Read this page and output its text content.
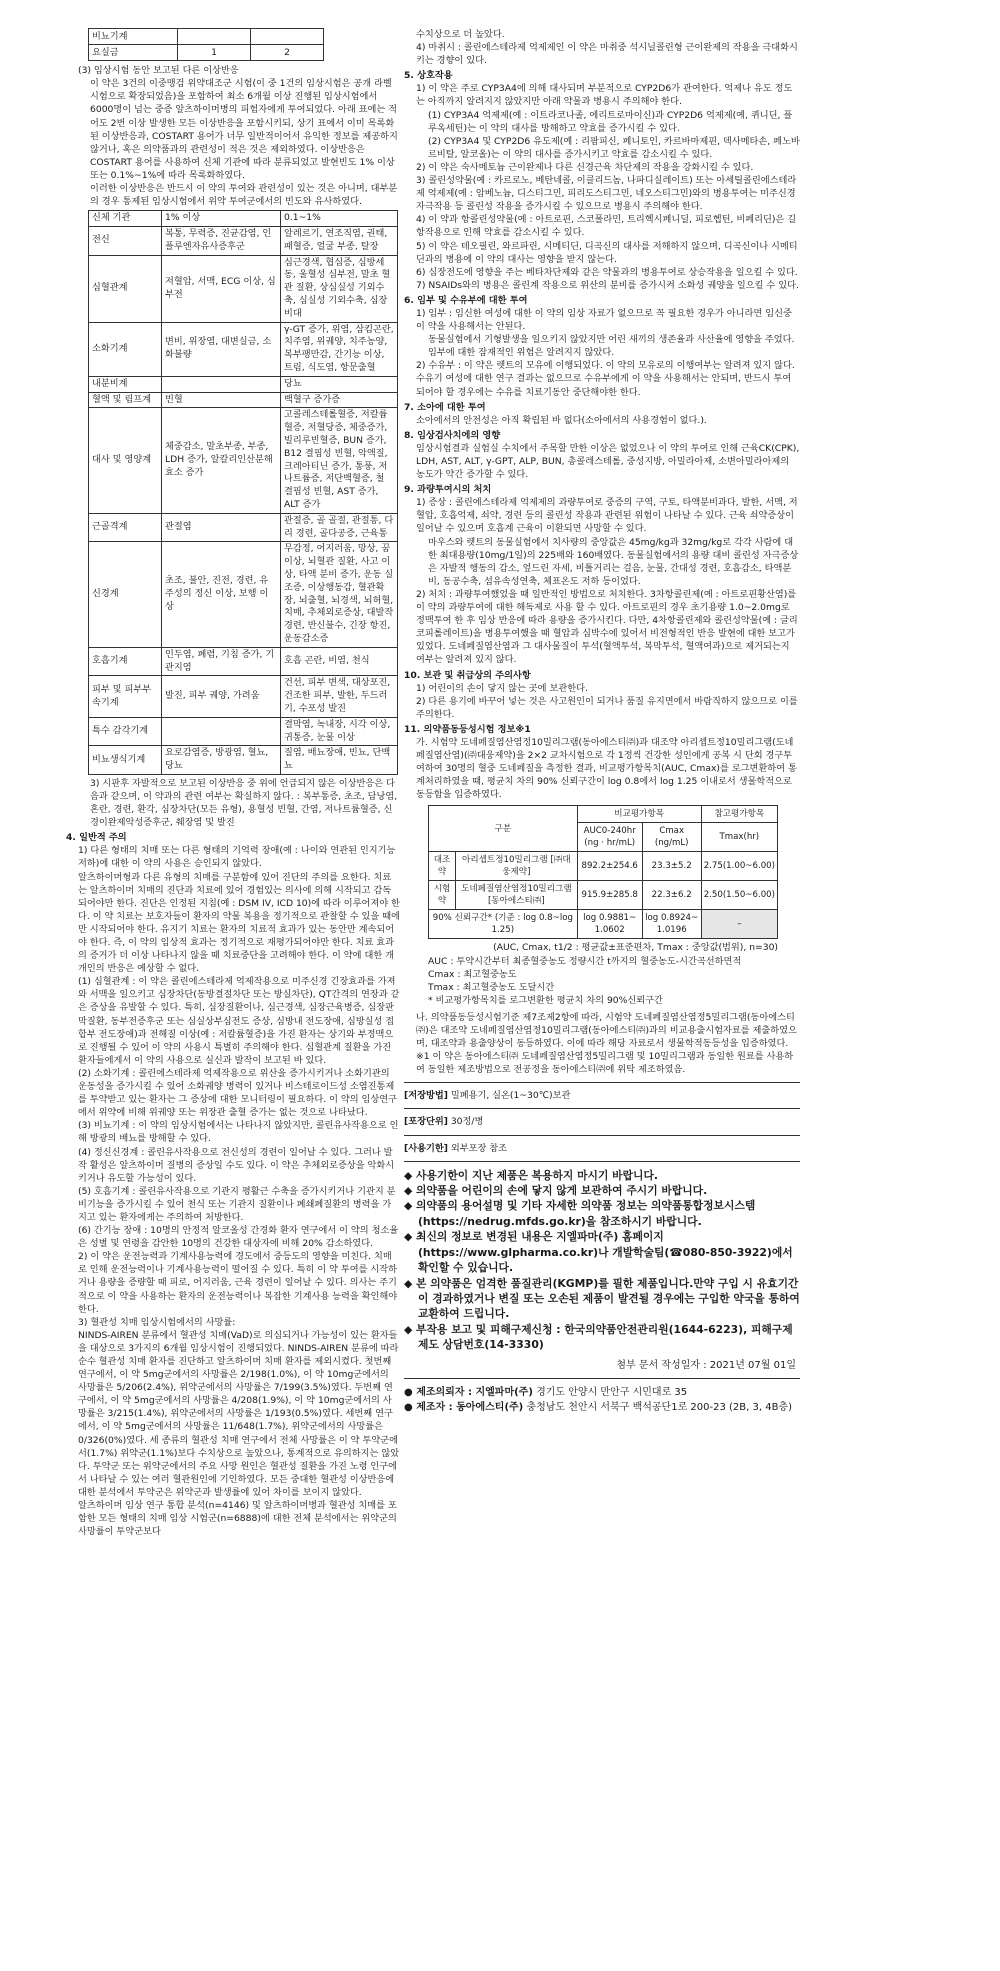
비뇨기계		
요실금	1	2

(3) 임상시험 동안 보고된 다른 이상반응

이 약은 3건의 이중맹검 위약대조군 시험(이 중 1건의 임상시험은 공개 라벨시험으로 확장되었음)을 포함하여 최소 6개월 이상 진행된 임상시험에서 6000명이 넘는 중증 알츠하이머병의 피험자에게 투여되었다. 아래 표에는 적어도 2번 이상 발생한 모든 이상반응을 포함시키되, 상기 표에서 이미 목록화된 이상반응과, COSTART 용어가 너무 일반적이어서 유익한 정보를 제공하지 않거나, 혹은 의약품과의 관련성이 적은 것은 제외하였다. 이상반응은 COSTART 용어를 사용하여 신체 기관에 따라 분류되었고 발현빈도 1% 이상 또는 0.1%~1%에 따라 목록화하였다.

이러한 이상반응은 반드시 이 약의 투여와 관련성이 있는 것은 아니며, 대부분의 경우 통제된 임상시험에서 위약 투여군에서의 빈도와 유사하였다.

신체 기관	1% 이상	0.1~1%
전신	복통, 무력증, 진균감염, 인플루엔자유사증후군	알레르기, 연조직염, 권태, 패혈증, 얼굴 부종, 탈장
심혈관계	저혈압, 서맥, ECG 이상, 심부전	심근경색, 협심증, 심방세동, 울혈성 심부전, 말초 혈관 질환, 상심실성 기외수축, 심실성 기외수축, 심장 비대
소화기계	변비, 위장염, 대변실금, 소화불량	γ-GT 증가, 위염, 삼킴곤란, 치주염, 위궤양, 치주농양, 복부팽만감, 간기능 이상, 트림, 식도염, 항문출혈
내분비계		당뇨
혈액 및 림프계	빈혈	백혈구 증가증
대사 및 영양계	체중감소, 말초부종, 부종, LDH 증가, 알칼리인산분해효소 증가	고콜레스테롤혈증, 저칼륨혈증, 저혈당증, 체중증가, 빌리루빈혈증, BUN 증가, B12 결핍성 빈혈, 악액질, 크레아티닌 증가, 통풍, 저나트륨증, 저단백혈증, 철 결핍성 빈혈, AST 증가, ALT 증가
근골격계	관절염	관절증, 골 골절, 관절통, 다리 경련, 골다공증, 근육통
신경계	초조, 불안, 진전, 경련, 유주성의 정신 이상, 보행 이상	무감정, 어지러움, 망상, 꿈이상, 뇌혈관 질환, 사고 이상, 타액 분비 증가, 운동 실조증, 이상행동감, 혈관확장, 뇌출혈, 뇌경색, 뇌허혈, 치매, 추체외로증상, 대발작경련, 반신불수, 긴장 항진, 운동감소증
호흡기계	인두염, 폐렴, 기침 증가, 기관지염	호흡 곤란, 비염, 천식
피부 및 피부부속기계	발진, 피부 궤양, 가려움	건선, 피부 변색, 대상포진, 건조한 피부, 발한, 두드러기, 수포성 발진
특수 감각기계		결막염, 녹내장, 시각 이상, 귀통증, 눈물 이상
비뇨생식기계	요로감염증, 방광염, 혈뇨, 당뇨	질염, 배뇨장애, 빈뇨, 단백뇨

3) 시판후 자발적으로 보고된 이상반응 중 위에 언급되지 않은 이상반응은 다음과 같으며, 이 약과의 관련 여부는 확실하지 않다. : 복부통증, 초조, 담낭염, 혼란, 경련, 환각, 심장차단(모든 유형), 용혈성 빈혈, 간염, 저나트륨혈증, 신경이완제악성증후군, 췌장염 및 발진

4. 일반적 주의

1) 다른 형태의 치매 또는 다른 형태의 기억력 장애(예 : 나이와 연관된 인지기능 저하)에 대한 이 약의 사용은 승인되지 않았다.

알츠하이머형과 다른 유형의 치매를 구분함에 있어 진단의 주의를 요한다. 치료는 알츠하이머 치매의 진단과 치료에 있어 경험있는 의사에 의해 시작되고 감독되어야만 한다. 진단은 인정된 지침(예 : DSM IV, ICD 10)에 따라 이루어져야 한다. 이 약 치료는 보호자들이 환자의 약물 복용을 정기적으로 관찰할 수 있을 때에만 시작되어야 한다. 유지기 치료는 환자의 치료적 효과가 있는 동안만 계속되어야 한다. 즉, 이 약의 임상적 효과는 정기적으로 재평가되어야만 한다. 치료 효과의 증거가 더 이상 나타나지 않을 때 치료중단을 고려해야 한다. 이 약에 대한 개개인의 반응은 예상할 수 없다.

(1) 심혈관계 : 이 약은 콜린에스테라제 억제작용으로 미주신경 긴장효과를 가져와 서맥을 일으키고 심장차단(동방결절차단 또는 방실차단), QT간격의 연장과 같은 증상을 유발할 수 있다. 특히, 심장질환이나, 심근경색, 심장근육병증, 심장판막질환, 동부전증후군 또는 심실상부심전도 증상, 심방내 전도장애, 심방실성 접합부 전도장애)과 전해질 이상(예 : 저칼륨혈증)을 가진 환자는 상기와 부정맥으로 진행될 수 있어 이 약의 사용시 특별히 주의해야 한다. 심혈관계 질환을 가진 환자들에게서 이 약의 사용으로 실신과 발작이 보고된 바 있다.

(2) 소화기계 : 콜린에스테라제 억제작용으로 위산을 증가시키거나 소화기관의 운동성을 증가시킬 수 있어 소화궤양 병력이 있거나 비스테로이드성 소염진통제를 투약받고 있는 환자는 그 증상에 대한 모니터링이 필요하다. 이 약의 임상연구에서 위약에 비해 위궤양 또는 위장관 출혈 증가는 없는 것으로 나타났다.

(3) 비뇨기계 : 이 약의 임상시험에서는 나타나지 않았지만, 콜린유사작용으로 인해 방광의 배뇨를 방해할 수 있다.

(4) 정신신경계 : 콜린유사작용으로 전신성의 경련이 일어날 수 있다. 그러나 발작 활성은 알츠하이머 질병의 증상일 수도 있다. 이 약은 추체외로증상을 악화시키거나 유도할 가능성이 있다.

(5) 호흡기계 : 콜린유사작용으로 기관지 평활근 수축을 증가시키거나 기관지 분비기능을 증가시킬 수 있어 천식 또는 기관지 질환이나 폐쇄폐질환의 병력을 가지고 있는 환자에게는 주의하여 처방한다.

(6) 간기능 장애 : 10명의 안정적 알코올성 간경화 환자 연구에서 이 약의 청소율은 성별 및 연령을 감안한 10명의 건강한 대상자에 비해 20% 감소하였다.

2) 이 약은 운전능력과 기계사용능력에 경도에서 중등도의 영향을 미친다. 치매로 인해 운전능력이나 기계사용능력이 떨어질 수 있다. 특히 이 약 투여를 시작하거나 용량을 증량할 때 피로, 어지러움, 근육 경련이 일어날 수 있다. 의사는 주기적으로 이 약을 사용하는 환자의 운전능력이나 복잡한 기계사용 능력을 확인해야 한다.

3) 혈관성 치매 임상시험에서의 사망률:

NINDS-AIREN 분류에서 혈관성 치매(VaD)로 의심되거나 가능성이 있는 환자들을 대상으로 3가지의 6개월 임상시험이 진행되었다. NINDS-AIREN 분류에 따라 순수 혈관성 치매 환자를 진단하고 알츠하이머 치매 환자를 제외시켰다. 첫번째 연구에서, 이 약 5mg군에서의 사망률은 2/198(1.0%), 이 약 10mg군에서의 사망률은 5/206(2.4%), 위약군에서의 사망률은 7/199(3.5%)였다. 두번째 연구에서, 이 약 5mg군에서의 사망률은 4/208(1.9%), 이 약 10mg군에서의 사망률은 3/215(1.4%), 위약군에서의 사망률은 1/193(0.5%)였다. 세번째 연구에서, 이 약 5mg군에서의 사망률은 11/648(1.7%), 위약군에서의 사망률은 0/326(0%)였다. 세 종류의 혈관성 치매 연구에서 전체 사망률은 이 약 투약군에서(1.7%) 위약군(1.1%)보다 수치상으로 높았으나, 통계적으로 유의하지는 않았다. 투약군 또는 위약군에서의 주요 사망 원인은 혈관성 질환을 가진 노령 인구에서 나타날 수 있는 여러 혈관원인에 기인하였다. 모든 중대한 혈관성 이상반응에 대한 분석에서 투약군은 위약군과 발생률에 있어 차이를 보이지 않았다.

알츠하이머 임상 연구 통합 분석(n=4146) 및 알츠하이머병과 혈관성 치매를 포함한 모든 형태의 치매 임상 시험군(n=6888)에 대한 전체 분석에서는 위약군의 사망률이 투약군보다

수치상으로 더 높았다.

4) 마취시 : 콜린에스테라제 억제제인 이 약은 마취중 석시닐콜린형 근이완제의 작용을 극대화시키는 경향이 있다.

5. 상호작용

1) 이 약은 주로 CYP3A4에 의해 대사되며 부분적으로 CYP2D6가 관여한다. 억제나 유도 정도는 아직까지 알려지지 않았지만 아래 약물과 병용시 주의해야 한다.

(1) CYP3A4 억제제(예 : 이트라코나졸, 에리트로마이신)과 CYP2D6 억제제(예, 퀴니딘, 플루옥세틴)는 이 약의 대사를 방해하고 약효를 증가시킬 수 있다.

(2) CYP3A4 및 CYP2D6 유도제(예 : 리팜피신, 페니토인, 카르바마제핀, 덱사메타손, 페노바르비탈, 알코올)는 이 약의 대사를 증가시키고 약효를 감소시킬 수 있다.

2) 이 약은 숙사메토늄 근이완제나 다른 신경근육 차단제의 작용을 강화시킬 수 있다.

3) 콜린성약물(예 : 카르로노, 베탄네콜, 이클리드놈, 나파디실레이트) 또는 아세틸콜린에스테라제 억제제(예 : 암베노늄, 디스티그민, 피리도스티그민, 네오스티그민)와의 병용투여는 미주신경 자극작용 등 콜린성 작용을 증가시킬 수 있으므로 병용시 주의해야 한다.

4) 이 약과 항콜린성약물(예 : 아트로핀, 스코폴라민, 트리헥시페니딜, 피로헵틴, 비페리딘)은 길항작용으로 인해 약효를 감소시킬 수 있다.

5) 이 약은 테오필린, 와르파린, 시메티딘, 디곡신의 대사를 저해하지 않으며, 디곡신이나 시메티딘과의 병용에 이 약의 대사는 영향을 받지 않는다.

6) 심장전도에 영향을 주는 베타차단제와 같은 약물과의 병용투여로 상승작용을 일으킬 수 있다.

7) NSAIDs와의 병용은 콜린계 작용으로 위산의 분비를 증가시켜 소화성 궤양을 일으킬 수 있다.

6. 임부 및 수유부에 대한 투여

1) 임부 : 임신한 여성에 대한 이 약의 임상 자료가 없으므로 꼭 필요한 경우가 아니라면 임신중이 약을 사용해서는 안된다.

동물실험에서 기형발생을 일으키지 않았지만 어린 새끼의 생존율과 사산율에 영향을 주었다. 임부에 대한 잠재적인 위험은 알려지지 않았다.

2) 수유부 : 이 약은 렛트의 모유에 이행되었다. 이 약의 모유로의 이행여부는 알려져 있지 않다. 수유기 여성에 대한 연구 결과는 없으므로 수유부에게 이 약을 사용해서는 안되며, 반드시 투여되어야 할 경우에는 수유를 치료기동안 중단해야한 한다.

7. 소아에 대한 투여

소아에서의 안전성은 아직 확립된 바 없다(소아에서의 사용경험이 없다.).

8. 임상검사치에의 영향

임상시험결과 실험실 수치에서 주목할 만한 이상은 없었으나 이 약의 투여로 인해 근육CK(CPK), LDH, AST, ALT, γ-GPT, ALP, BUN, 총콜레스테롤, 중성지방, 아밀라아제, 소변아밀라아제의 농도가 약간 증가할 수 있다.

9. 과량투여시의 처치

1) 증상 : 콜린에스테라제 억제제의 과량투여로 중증의 구역, 구토, 타액분비과다, 발한, 서맥, 저혈압, 호흡억제, 쇠약, 경련 등의 콜린성 작용과 관련된 위험이 나타날 수 있다. 근육 쇠약증상이 일어날 수 있으며 호흡계 근육이 이환되면 사망할 수 있다.

마우스와 렛트의 동물실험에서 치사량의 중앙값은 45mg/kg과 32mg/kg로 각각 사람에 대한 최대용량(10mg/1일)의 225배와 160배였다. 동물실험에서의 용량 대비 콜린성 자극증상은 자발적 행동의 감소, 엎드린 자세, 비틀거리는 걸음, 눈물, 간대성 경련, 호흡감소, 타액분비, 동공수축, 섬유속성연축, 체표온도 저하 등이었다.

2) 처치 : 과량투여했었을 때 일반적인 방법으로 처치한다. 3차항콜린제(예 : 아트로핀황산염)를 이 약의 과량투여에 대한 해독제로 사용 할 수 있다. 아트로핀의 경우 초기용량 1.0~2.0mg로 정맥투여 한 후 임상 반응에 따라 용량을 증가시킨다. 다만, 4차항콜린제와 콜린성약물(예 : 글리코피롤레이트)을 병용투여했을 때 혈압과 심박수에 있어서 비전형적인 반응 발현에 대한 보고가 있었다. 도네페질염산염과 그 대사물질이 투석(혈액투석, 복막투석, 혈액여과)으로 제거되는지 여부는 알려져 있지 않다.

10. 보관 및 취급상의 주의사항

1) 어린이의 손이 닿지 않는 곳에 보관한다.

2) 다른 용기에 바꾸어 넣는 것은 사고원인이 되거나 품질 유지면에서 바람직하지 않으므로 이를 주의한다.

11. 의약품동등성시험 정보※1

가. 시험약 도네페질염산염정10밀리그램(동아에스티㈜)과 대조약 아리셉트정10밀리그램(도네페질염산염)(㈜대웅제약)을 2×2 교차시험으로 각 1정씩 건강한 성인에게 공복 시 단회 경구투여하여 30명의 혈중 도네페질을 측정한 결과, 비교평가항목치(AUC, Cmax)를 로그변환하여 통계처리하였을 때, 평균치 차의 90% 신뢰구간이 log 0.8에서 log 1.25 이내로서 생물학적으로 동등함을 입증하였다.

구분		비교평가항목		참고평가항목
		AUC0-240hr (ng · hr/mL)	Cmax (ng/mL)	Tmax(hr)
대조약	아리셉트정10밀리그램 [㈜대웅제약]	892.2±254.6	23.3±5.2	2.75(1.00~6.00)
시험약	도네페질염산염정10밀리그램 [동아에스티㈜]	915.9±285.8	22.3±6.2	2.50(1.50~6.00)
90% 신뢰구간* (기준 : log 0.8~log 1.25)		log 0.9881~ 1.0602	log 0.8924~ 1.0196	–

(AUC, Cmax, t1/2 : 평균값±표준편차, Tmax : 중앙값(범위), n=30)

AUC : 투약시간부터 최종혈중농도 정량시간 t까지의 혈중농도-시간곡선하면적

Cmax : 최고혈중농도

Tmax : 최고혈중농도 도달시간

* 비교평가항목치를 로그변환한 평균치 차의 90%신뢰구간

나. 의약품동등성시험기준 제7조제2항에 따라, 시험약 도네페질염산염정5밀리그램(동아에스티㈜)은 대조약 도네페질염산염정10밀리그램(동아에스티㈜)과의 비교용출시험자료를 제출하였으며, 대조약과 용출양상이 동등하였다. 이에 따라 해당 자료로서 생물학적동등성을 입증하였다.

※1 이 약은 동아에스티㈜ 도네페질염산염정5밀리그램 및 10밀리그램과 동일한 원료를 사용하여 동일한 제조방법으로 전공정을 동아에스티㈜에 위탁 제조하였음.

[저장방법] 밀폐용기, 실온(1~30℃)보관

[포장단위] 30정/병

[사용기한] 외부포장 참조

◆ 사용기한이 지난 제품은 복용하지 마시기 바랍니다.

◆ 의약품을 어린이의 손에 닿지 않게 보관하여 주시기 바랍니다.

◆ 의약품의 용어설명 및 기타 자세한 의약품 정보는 의약품통합정보시스템(https://nedrug.mfds.go.kr)을 참조하시기 바랍니다.

◆ 최신의 정보로 변경된 내용은 지엘파마(주) 홈페이지(https://www.glpharma.co.kr)나 개발학술팀(☎080-850-3922)에서 확인할 수 있습니다.

◆ 본 의약품은 엄격한 품질관리(KGMP)를 필한 제품입니다.만약 구입 시 유효기간이 경과하였거나 변질 또는 오손된 제품이 발견될 경우에는 구입한 약국을 통하여 교환하여 드립니다.

◆ 부작용 보고 및 피해구제신청 : 한국의약품안전관리원(1644-6223), 피해구제 제도 상담번호(14-3330)

첨부 문서 작성일자 : 2021년 07월 01일

● 제조의뢰자 : 지엘파마(주) 경기도 안양시 만안구 시민대로 35

● 제조자 : 동아에스티(주) 충청남도 천안시 서북구 백석공단1로 200-23 (2B, 3, 4B층)
